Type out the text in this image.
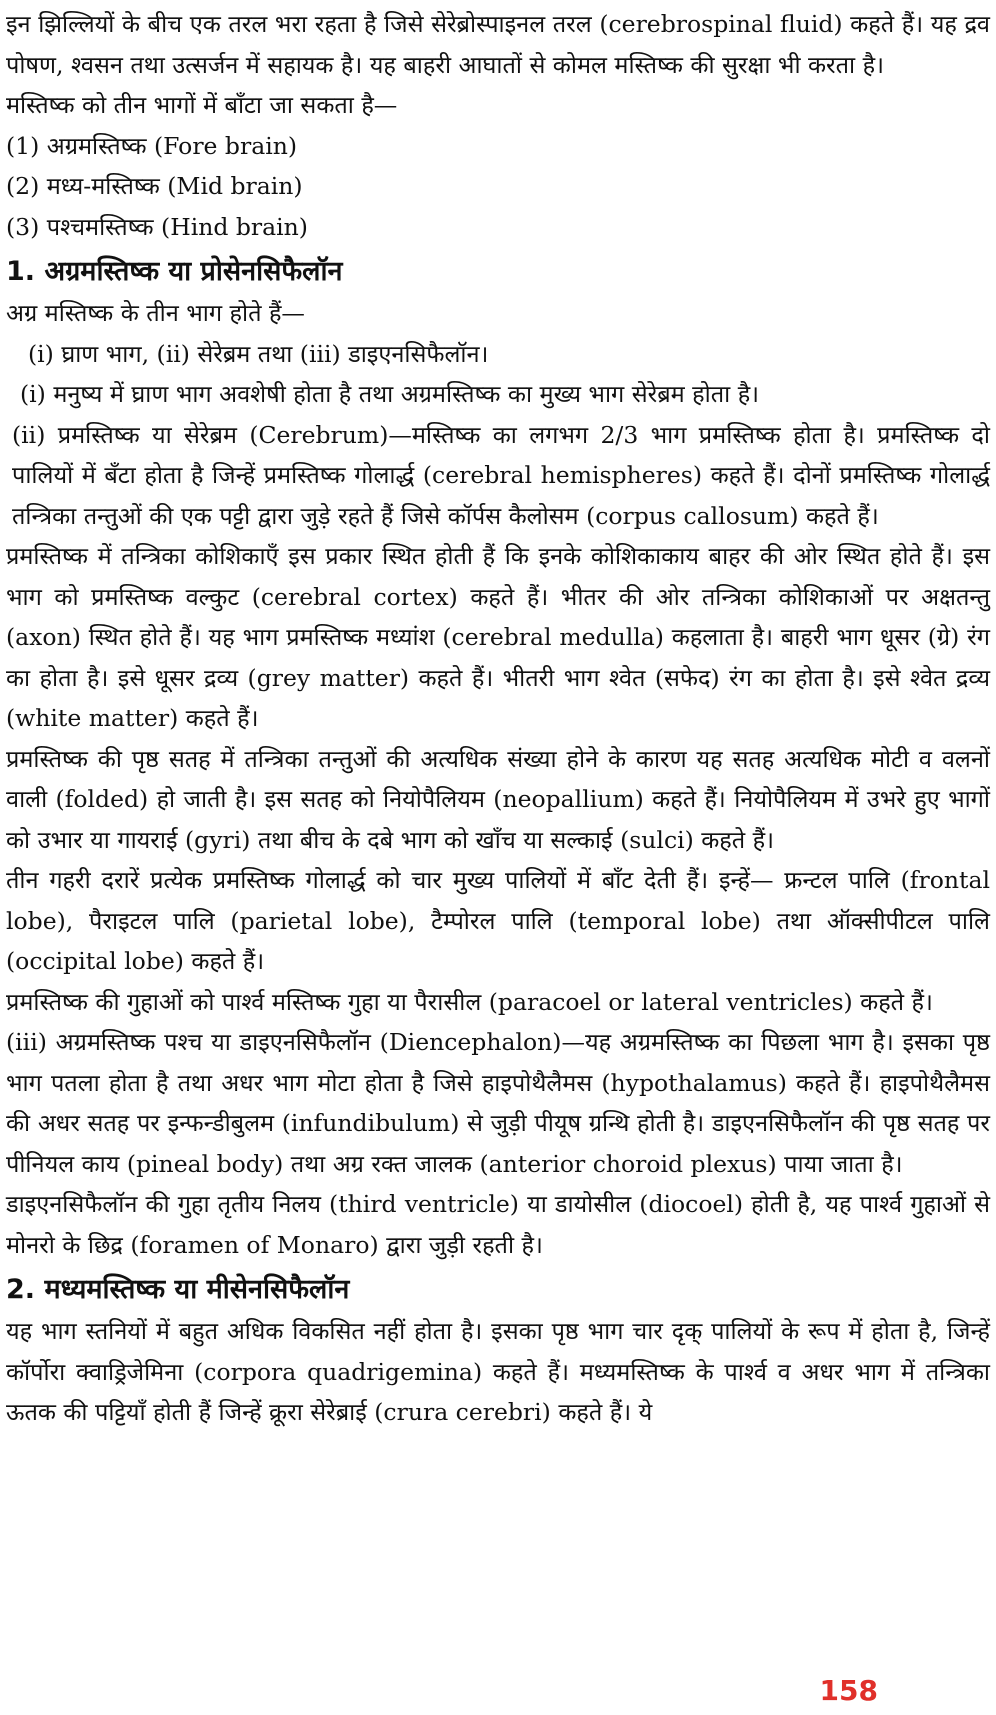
इन झिल्लियों के बीच एक तरल भरा रहता है जिसे सेरेब्रोस्पाइनल तरल (cerebrospinal fluid) कहते हैं। यह द्रव पोषण, श्वसन तथा उत्सर्जन में सहायक है। यह बाहरी आघातों से कोमल मस्तिष्क की सुरक्षा भी करता है।

मस्तिष्क को तीन भागों में बाँटा जा सकता है—

(1) अग्रमस्तिष्क (Fore brain)

(2) मध्य-मस्तिष्क (Mid brain)

(3) पश्चमस्तिष्क (Hind brain)

1. अग्रमस्तिष्क या प्रोसेनसिफैलॉन

अग्र मस्तिष्क के तीन भाग होते हैं—

(i) घ्राण भाग, (ii) सेरेब्रम तथा (iii) डाइएनसिफैलॉन।

(i) मनुष्य में घ्राण भाग अवशेषी होता है तथा अग्रमस्तिष्क का मुख्य भाग सेरेब्रम होता है।

(ii) प्रमस्तिष्क या सेरेब्रम (Cerebrum)—मस्तिष्क का लगभग 2/3 भाग प्रमस्तिष्क होता है। प्रमस्तिष्क दो पालियों में बँटा होता है जिन्हें प्रमस्तिष्क गोलार्द्ध (cerebral hemispheres) कहते हैं। दोनों प्रमस्तिष्क गोलार्द्ध तन्त्रिका तन्तुओं की एक पट्टी द्वारा जुड़े रहते हैं जिसे कॉर्पस कैलोसम (corpus callosum) कहते हैं।

प्रमस्तिष्क में तन्त्रिका कोशिकाएँ इस प्रकार स्थित होती हैं कि इनके कोशिकाकाय बाहर की ओर स्थित होते हैं। इस भाग को प्रमस्तिष्क वल्कुट (cerebral cortex) कहते हैं। भीतर की ओर तन्त्रिका कोशिकाओं पर अक्षतन्तु (axon) स्थित होते हैं। यह भाग प्रमस्तिष्क मध्यांश (cerebral medulla) कहलाता है। बाहरी भाग धूसर (ग्रे) रंग का होता है। इसे धूसर द्रव्य (grey matter) कहते हैं। भीतरी भाग श्वेत (सफेद) रंग का होता है। इसे श्वेत द्रव्य (white matter) कहते हैं।

प्रमस्तिष्क की पृष्ठ सतह में तन्त्रिका तन्तुओं की अत्यधिक संख्या होने के कारण यह सतह अत्यधिक मोटी व वलनों वाली (folded) हो जाती है। इस सतह को नियोपैलियम (neopallium) कहते हैं। नियोपैलियम में उभरे हुए भागों को उभार या गायराई (gyri) तथा बीच के दबे भाग को खाँच या सल्काई (sulci) कहते हैं।

तीन गहरी दरारें प्रत्येक प्रमस्तिष्क गोलार्द्ध को चार मुख्य पालियों में बाँट देती हैं। इन्हें— फ्रन्टल पालि (frontal lobe), पैराइटल पालि (parietal lobe), टैम्पोरल पालि (temporal lobe) तथा ऑक्सीपीटल पालि (occipital lobe) कहते हैं।

प्रमस्तिष्क की गुहाओं को पार्श्व मस्तिष्क गुहा या पैरासील (paracoel or lateral ventricles) कहते हैं।

(iii) अग्रमस्तिष्क पश्च या डाइएनसिफैलॉन (Diencephalon)—यह अग्रमस्तिष्क का पिछला भाग है। इसका पृष्ठ भाग पतला होता है तथा अधर भाग मोटा होता है जिसे हाइपोथैलैमस (hypothalamus) कहते हैं। हाइपोथैलैमस की अधर सतह पर इन्फन्डीबुलम (infundibulum) से जुड़ी पीयूष ग्रन्थि होती है। डाइएनसिफैलॉन की पृष्ठ सतह पर पीनियल काय (pineal body) तथा अग्र रक्त जालक (anterior choroid plexus) पाया जाता है।

डाइएनसिफैलॉन की गुहा तृतीय निलय (third ventricle) या डायोसील (diocoel) होती है, यह पार्श्व गुहाओं से मोनरो के छिद्र (foramen of Monaro) द्वारा जुड़ी रहती है।

2. मध्यमस्तिष्क या मीसेनसिफैलॉन

यह भाग स्तनियों में बहुत अधिक विकसित नहीं होता है। इसका पृष्ठ भाग चार दृक् पालियों के रूप में होता है, जिन्हें कॉर्पोरा क्वाड्रिजेमिना (corpora quadrigemina) कहते हैं। मध्यमस्तिष्क के पार्श्व व अधर भाग में तन्त्रिका ऊतक की पट्टियाँ होती हैं जिन्हें क्रूरा सेरेब्राई (crura cerebri) कहते हैं। ये

158
